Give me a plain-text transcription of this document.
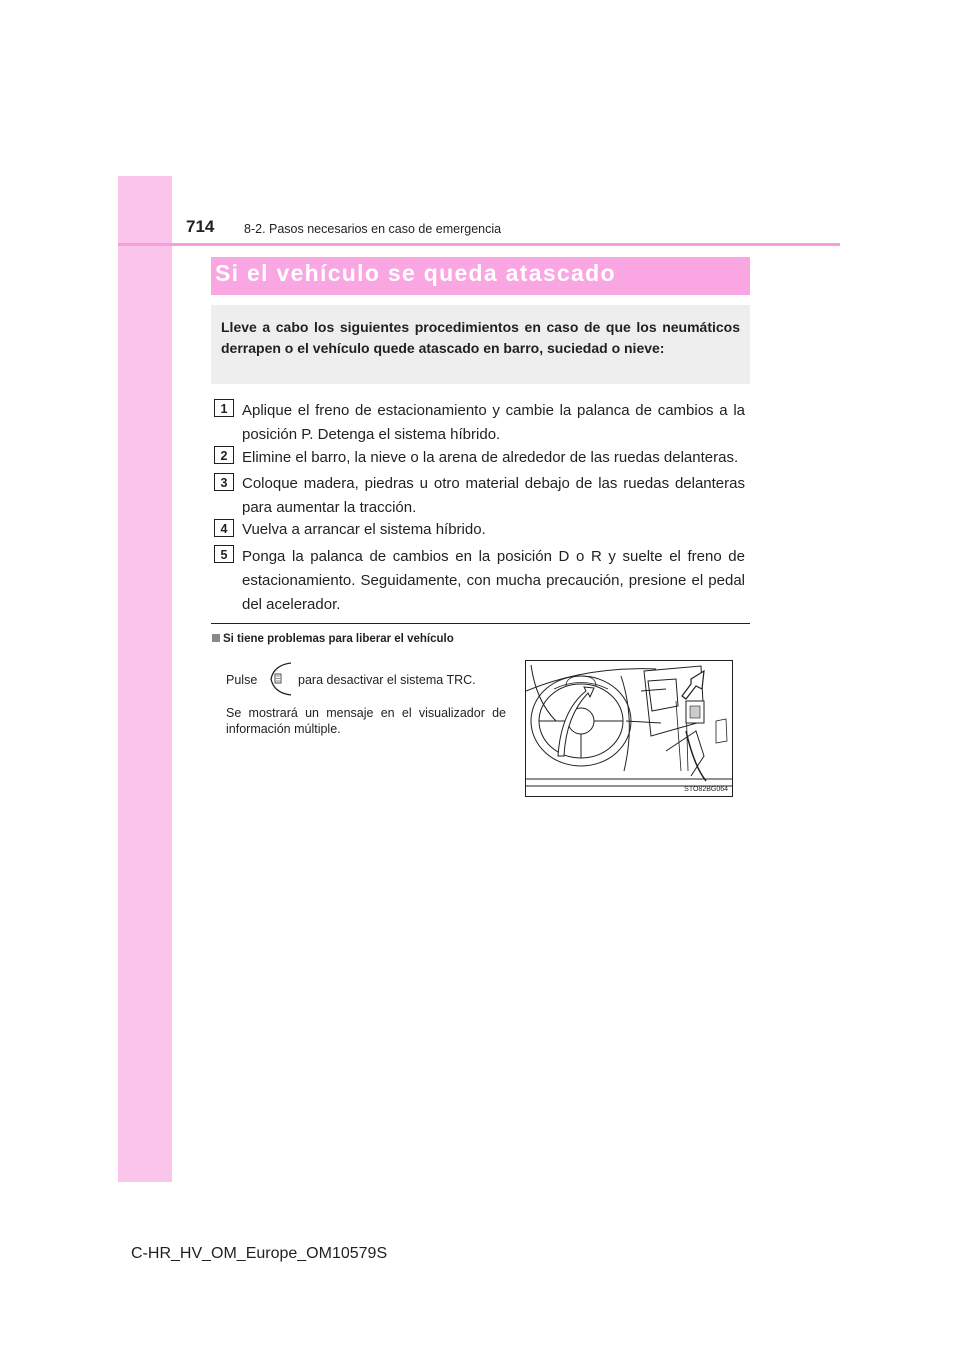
714 8-2. Pasos necesarios en caso de emergencia
Si el vehículo se queda atascado

Lleve a cabo los siguientes procedimientos en caso de que los neumáticos derrapen o el vehículo quede atascado en barro, suciedad o nieve:

1 Aplique el freno de estacionamiento y cambie la palanca de cambios a la posición P. Detenga el sistema híbrido.

2 Elimine el barro, la nieve o la arena de alrededor de las ruedas delanteras.

3 Coloque madera, piedras u otro material debajo de las ruedas delanteras para aumentar la tracción.

4 Vuelva a arrancar el sistema híbrido.

5 Ponga la palanca de cambios en la posición D o R y suelte el freno de estacionamiento. Seguidamente, con mucha precaución, presione el pedal del acelerador.

Si tiene problemas para liberar el vehículo
Pulse	para desactivar el sistema TRC.

Se mostrará un mensaje en el visualizador de información múltiple.

STO82BG064
C-HR_HV_OM_Europe_OM10579S
